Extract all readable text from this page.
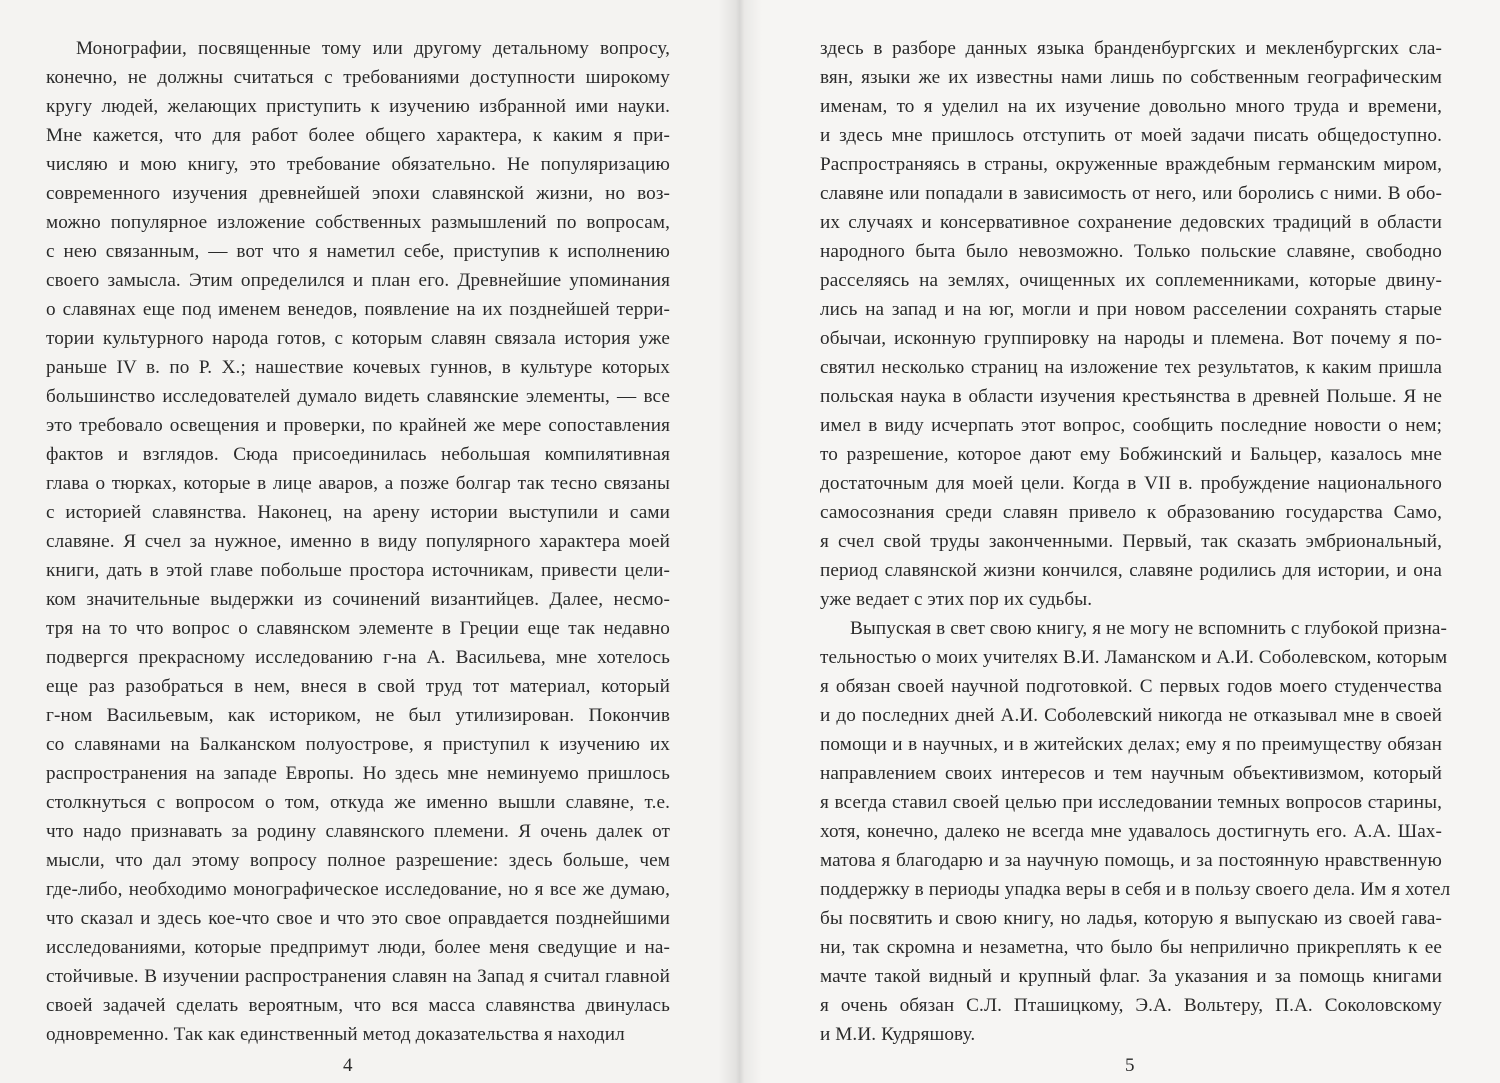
Монографии, посвященные тому или другому детальному вопросу,
конечно, не должны считаться с требованиями доступности широкому
кругу людей, желающих приступить к изучению избранной ими науки.
Мне кажется, что для работ более общего характера, к каким я при-
числяю и мою книгу, это требование обязательно. Не популяризацию
современного изучения древнейшей эпохи славянской жизни, но воз-
можно популярное изложение собственных размышлений по вопросам,
с нею связанным, — вот что я наметил себе, приступив к исполнению
своего замысла. Этим определился и план его. Древнейшие упоминания
о славянах еще под именем венедов, появление на их позднейшей терри-
тории культурного народа готов, с которым славян связала история уже
раньше IV в. по Р. Х.; нашествие кочевых гуннов, в культуре которых
большинство исследователей думало видеть славянские элементы, — все
это требовало освещения и проверки, по крайней же мере сопоставления
фактов и взглядов. Сюда присоединилась небольшая компилятивная
глава о тюрках, которые в лице аваров, а позже болгар так тесно связаны
с историей славянства. Наконец, на арену истории выступили и сами
славяне. Я счел за нужное, именно в виду популярного характера моей
книги, дать в этой главе побольше простора источникам, привести цели-
ком значительные выдержки из сочинений византийцев. Далее, несмо-
тря на то что вопрос о славянском элементе в Греции еще так недавно
подвергся прекрасному исследованию г-на А. Васильева, мне хотелось
еще раз разобраться в нем, внеся в свой труд тот материал, который
г-ном Васильевым, как историком, не был утилизирован. Покончив
со славянами на Балканском полуострове, я приступил к изучению их
распространения на западе Европы. Но здесь мне неминуемо пришлось
столкнуться с вопросом о том, откуда же именно вышли славяне, т.е.
что надо признавать за родину славянского племени. Я очень далек от
мысли, что дал этому вопросу полное разрешение: здесь больше, чем
где-либо, необходимо монографическое исследование, но я все же думаю,
что сказал и здесь кое-что свое и что это свое оправдается позднейшими
исследованиями, которые предпримут люди, более меня сведущие и на-
стойчивые. В изучении распространения славян на Запад я считал главной
своей задачей сделать вероятным, что вся масса славянства двинулась
одновременно. Так как единственный метод доказательства я находил
4
здесь в разборе данных языка бранденбургских и мекленбургских сла-
вян, языки же их известны нами лишь по собственным географическим
именам, то я уделил на их изучение довольно много труда и времени,
и здесь мне пришлось отступить от моей задачи писать общедоступно.
Распространяясь в страны, окруженные враждебным германским миром,
славяне или попадали в зависимость от него, или боролись с ними. В обо-
их случаях и консервативное сохранение дедовских традиций в области
народного быта было невозможно. Только польские славяне, свободно
расселяясь на землях, очищенных их соплеменниками, которые двину-
лись на запад и на юг, могли и при новом расселении сохранять старые
обычаи, исконную группировку на народы и племена. Вот почему я по-
святил несколько страниц на изложение тех результатов, к каким пришла
польская наука в области изучения крестьянства в древней Польше. Я не
имел в виду исчерпать этот вопрос, сообщить последние новости о нем;
то разрешение, которое дают ему Бобжинский и Бальцер, казалось мне
достаточным для моей цели. Когда в VII в. пробуждение национального
самосознания среди славян привело к образованию государства Само,
я счел свой труды законченными. Первый, так сказать эмбриональный,
период славянской жизни кончился, славяне родились для истории, и она
уже ведает с этих пор их судьбы.
Выпуская в свет свою книгу, я не могу не вспомнить с глубокой призна-
тельностью о моих учителях В.И. Ламанском и А.И. Соболевском, которым
я обязан своей научной подготовкой. С первых годов моего студенчества
и до последних дней А.И. Соболевский никогда не отказывал мне в своей
помощи и в научных, и в житейских делах; ему я по преимуществу обязан
направлением своих интересов и тем научным объективизмом, который
я всегда ставил своей целью при исследовании темных вопросов старины,
хотя, конечно, далеко не всегда мне удавалось достигнуть его. А.А. Шах-
матова я благодарю и за научную помощь, и за постоянную нравственную
поддержку в периоды упадка веры в себя и в пользу своего дела. Им я хотел
бы посвятить и свою книгу, но ладья, которую я выпускаю из своей гава-
ни, так скромна и незаметна, что было бы неприлично прикреплять к ее
мачте такой видный и крупный флаг. За указания и за помощь книгами
я очень обязан С.Л. Пташицкому, Э.А. Вольтеру, П.А. Соколовскому
и М.И. Кудряшову.
5
